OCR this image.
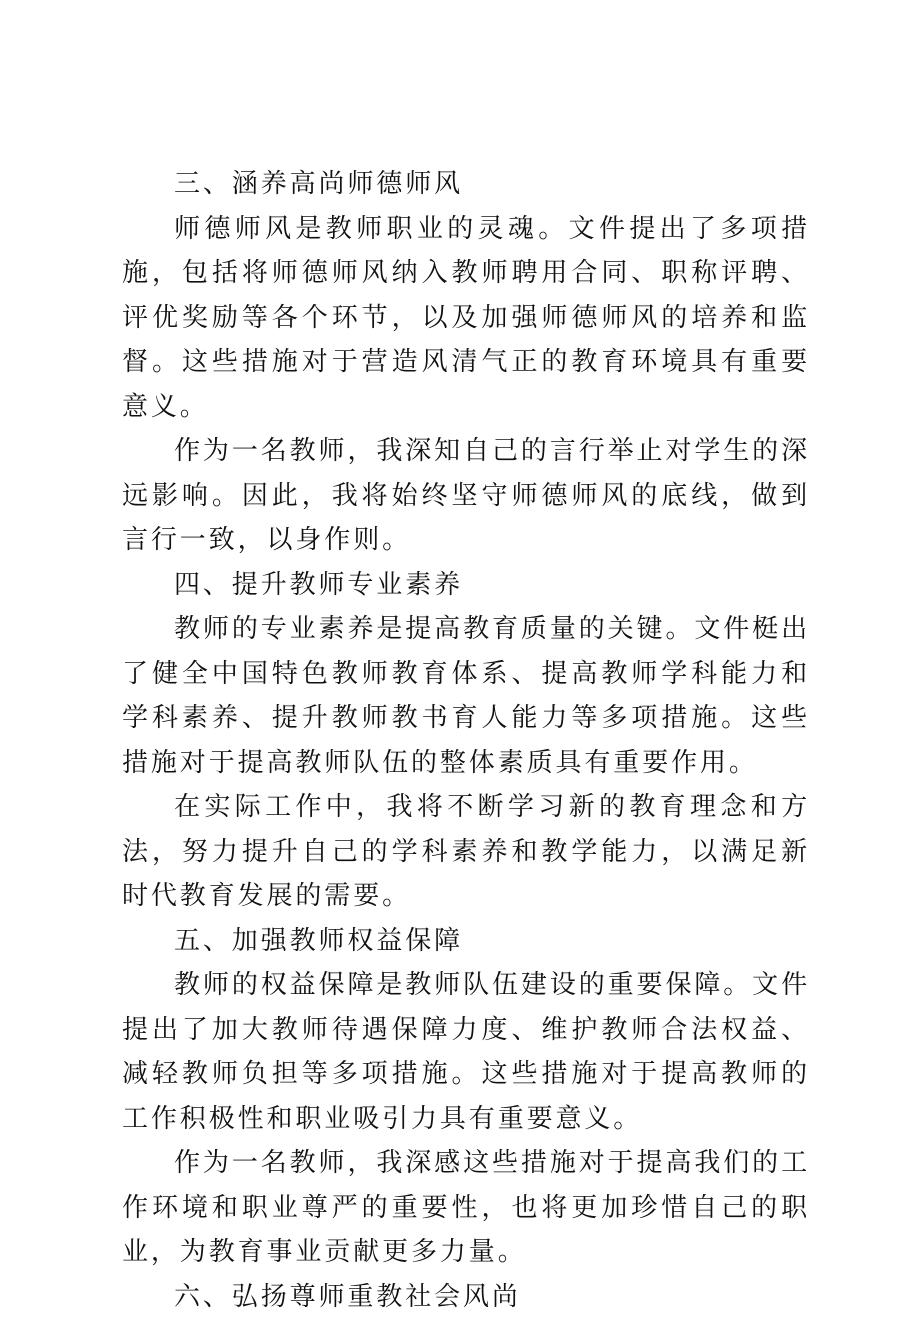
三、涵养高尚师德师风

师德师风是教师职业的灵魂。文件提出了多项措施，包括将师德师风纳入教师聘用合同、职称评聘、评优奖励等各个环节，以及加强师德师风的培养和监督。这些措施对于营造风清气正的教育环境具有重要意义。

作为一名教师，我深知自己的言行举止对学生的深远影响。因此，我将始终坚守师德师风的底线，做到言行一致，以身作则。

四、提升教师专业素养

教师的专业素养是提高教育质量的关键。文件梃出了健全中国特色教师教育体系、提高教师学科能力和学科素养、提升教师教书育人能力等多项措施。这些措施对于提高教师队伍的整体素质具有重要作用。

在实际工作中，我将不断学习新的教育理念和方法，努力提升自己的学科素养和教学能力，以满足新时代教育发展的需要。

五、加强教师权益保障

教师的权益保障是教师队伍建设的重要保障。文件提出了加大教师待遇保障力度、维护教师合法权益、减轻教师负担等多项措施。这些措施对于提高教师的工作积极性和职业吸引力具有重要意义。

作为一名教师，我深感这些措施对于提高我们的工作环境和职业尊严的重要性，也将更加珍惜自己的职业，为教育事业贡献更多力量。

六、弘扬尊师重教社会风尚
